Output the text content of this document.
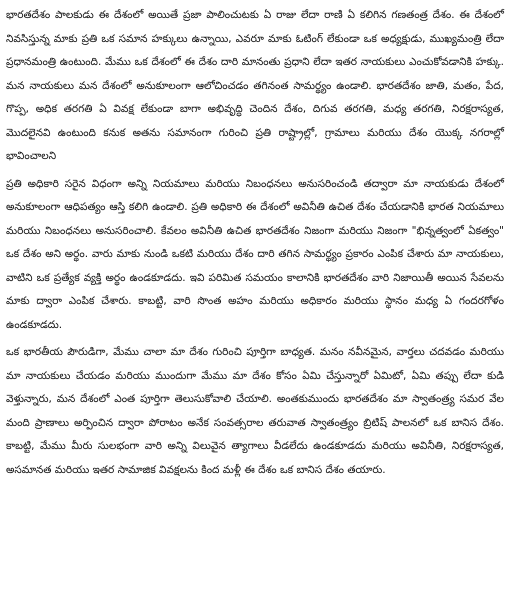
భారతదేశం పాలకుడు ఈ దేశంలో అయితే ప్రజా పాలించుటకు ఏ రాజు లేదా రాణి ఏ కలిగిన గణతంత్ర దేశం. ఈ దేశంలో నివసిస్తున్న మాకు ప్రతి ఒక సమాన హక్కులు ఉన్నాయి, ఎవరూ మాకు ఓటింగ్ లేకుండా ఒక అధ్యక్షుడు, ముఖ్యమంత్రి లేదా ప్రధానమంత్రి ఉంటుంది. మేము ఒక దేశంలో ఈ దేశం దారి మానంతు ప్రధాని లేదా ఇతర నాయకులు ఎంచుకోవడానికి హక్కు. మన నాయకులు మన దేశంలో అనుకూలంగా ఆలోచించడం తగినంత సామర్థ్యం ఉండాలి. భారతదేశం జాతి, మతం, పేద, గొప్ప, అధిక తరగతి ఏ వివక్ష లేకుండా బాగా అభివృద్ధి చెందిన దేశం, దిగువ తరగతి, మధ్య తరగతి, నిరక్షరాస్యత, మొదలైనవి ఉంటుంది కనుక అతను సమానంగా గురించి ప్రతి రాష్ట్రాల్లో, గ్రామాలు మరియు దేశం యొక్క నగరాల్లో భావించాలని

ప్రతి అధికారి సరైన విధంగా అన్ని నియమాలు మరియు నిబంధనలు అనుసరించండి తద్వారా మా నాయకుడు దేశంలో అనుకూలంగా ఆధిపత్యం ఆస్తి కలిగి ఉండాలి. ప్రతి అధికారి ఈ దేశంలో అవినీతి ఉచిత దేశం చేయడానికి భారత నియమాలు మరియు నిబంధనలు అనుసరించాలి. కేవలం అవినీతి ఉచిత భారతదేశం నిజంగా మరియు నిజంగా "భిన్నత్వంలో ఏకత్వం" ఒక దేశం అని అర్థం. వారు మాకు నుండి ఒకటి మరియు దేశం దారి తగిన సామర్థ్యం ప్రకారం ఎంపిక చేశారు మా నాయకులు, వాటిని ఒక ప్రత్యేక వ్యక్తి అర్థం ఉండకూడదు. ఇవి పరిమిత సమయం కాలానికి భారతదేశం వారి నిజాయితీ అయిన సేవలను మాకు ద్వారా ఎంపిక చేశారు. కాబట్టి, వారి సొంత అహం మరియు అధికారం మరియు స్థానం మధ్య ఏ గందరగోళం ఉండకూడదు.

ఒక భారతీయ పౌరుడిగా, మేము చాలా మా దేశం గురించి పూర్తిగా బాధ్యత. మనం నవీనమైన, వార్తలు చదవడం మరియు మా నాయకులు చేయడం మరియు ముందుగా మేము మా దేశం కోసం ఏమి చేస్తున్నారో ఏమిటో, ఏమి తప్పు లేదా కుడి వెళ్తున్నారు, మన దేశంలో ఎంత పూర్తిగా తెలుసుకోవాలి చేయాలి. అంతకుముందు భారతదేశం మా స్వాతంత్ర్య సమర వేల మంది ప్రాణాలు అర్పించిన ద్వారా పోరాటం అనేక సంవత్సరాల తరువాత స్వాతంత్ర్యం బ్రిటిష్ పాలనలో ఒక బానిస దేశం. కాబట్టి, మేము మీరు సులభంగా వారి అన్ని విలువైన త్యాగాలు వీడలేదు ఉండకూడదు మరియు అవినీతి, నిరక్షరాస్యత, అసమానత మరియు ఇతర సామాజిక వివక్షలను కింద మళ్లీ ఈ దేశం ఒక బానిస దేశం తయారు.
